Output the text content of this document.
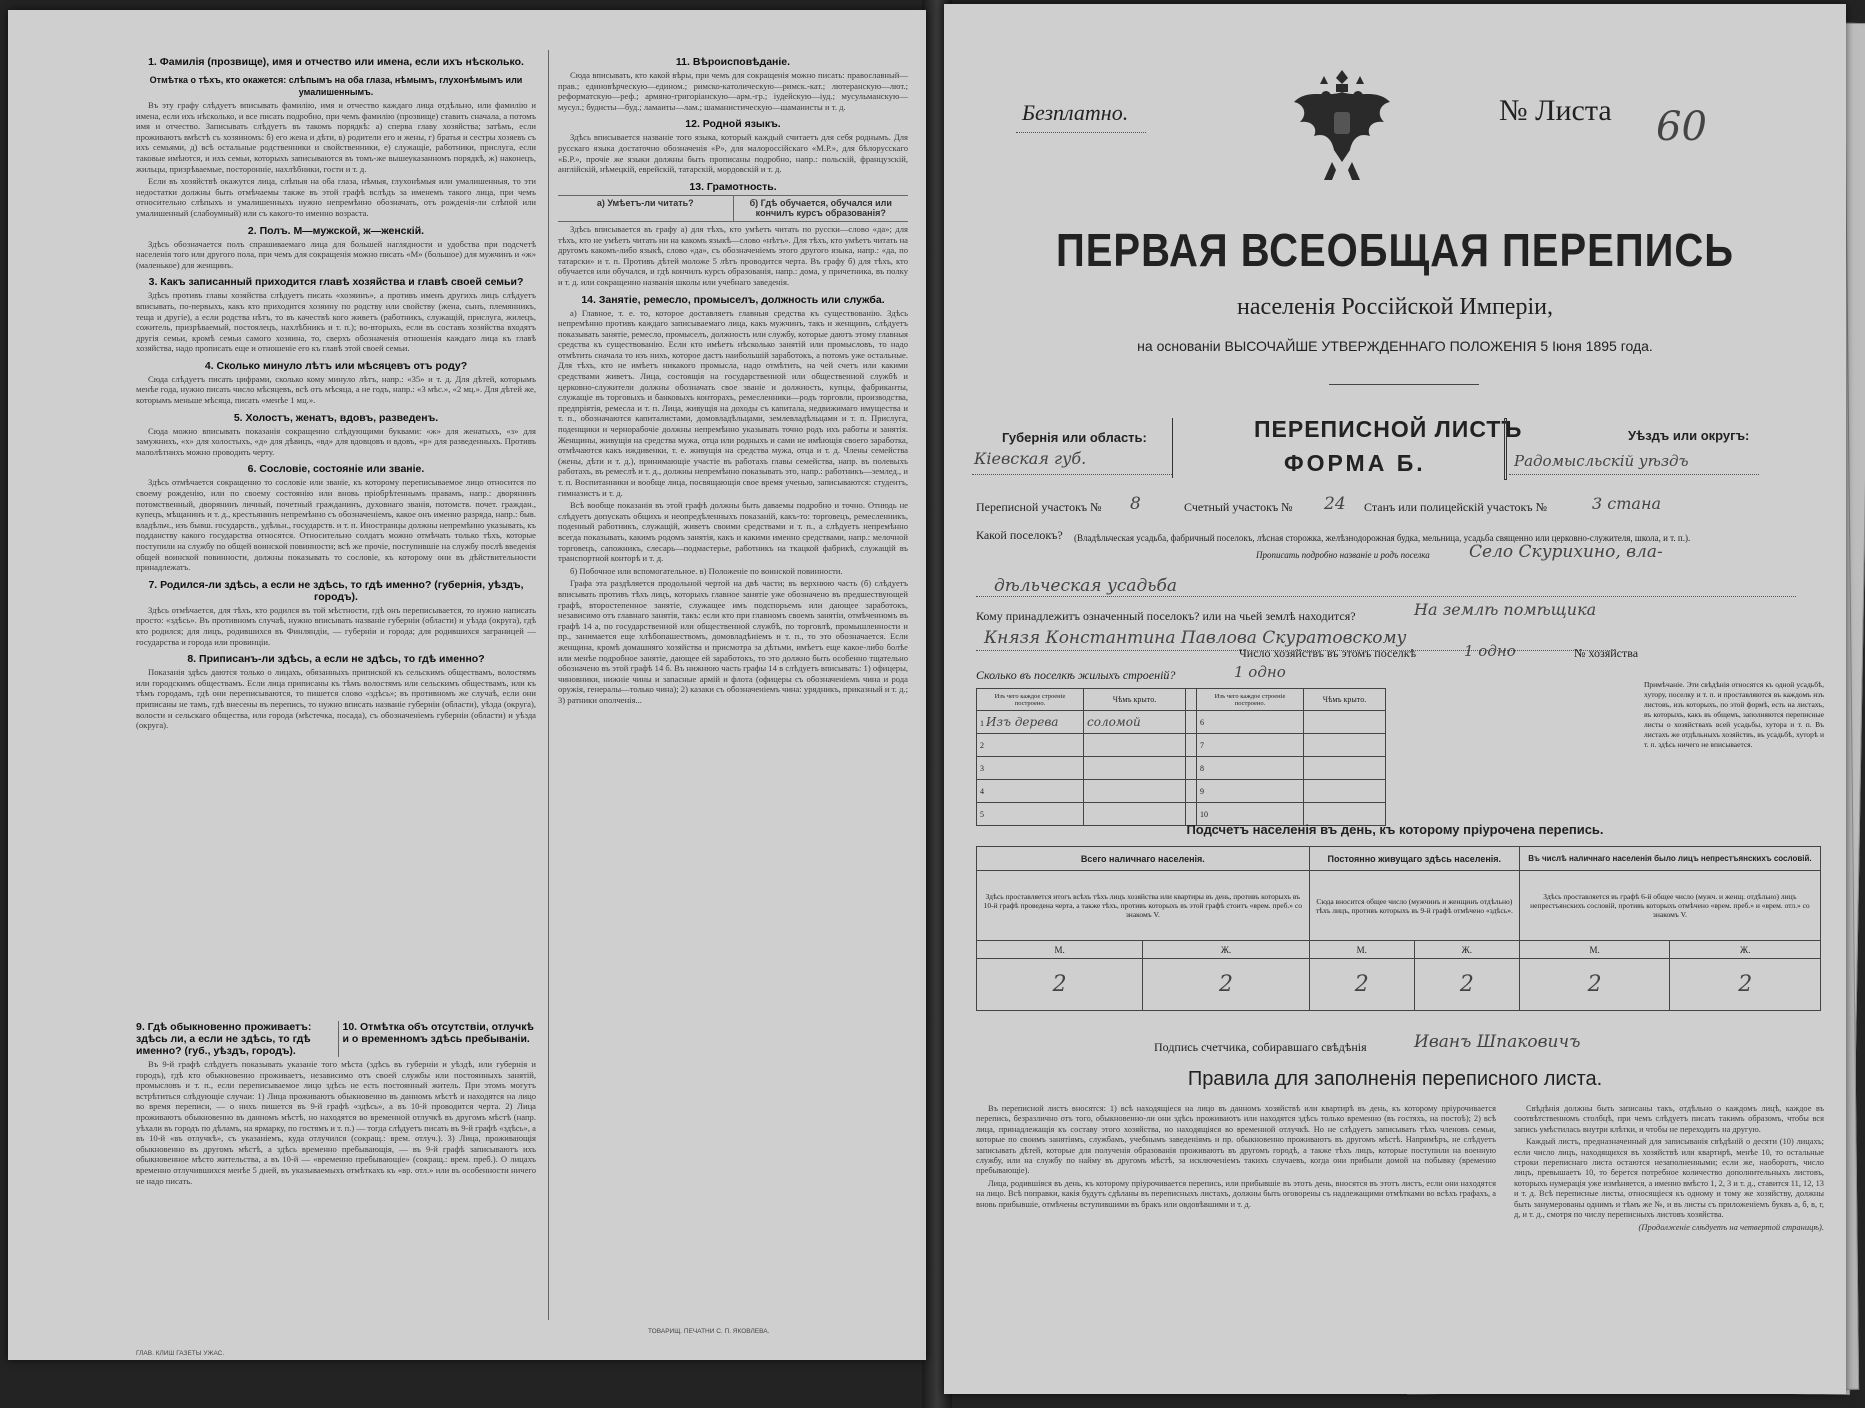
1. Фамилія (прозвище), имя и отчество или имена, если ихъ нѣсколько.
Отмѣтка о тѣхъ, кто окажется: слѣпымъ на оба глаза, нѣмымъ, глухонѣмымъ или умалишеннымъ.

Въ эту графу слѣдуетъ вписывать фамилію, имя и отчество каждаго лица отдѣльно, или фамилію и имена, если ихъ нѣсколько, и все писать подробно, при чемъ фамилію (прозвище) ставить сначала, а потомъ имя и отчество. Записывать слѣдуетъ въ такомъ порядкѣ: а) сперва главу хозяйства; затѣмъ, если проживаютъ вмѣстѣ съ хозяиномъ: б) его жена и дѣти, в) родители его и жены, г) братья и сестры хозяевъ съ ихъ семьями, д) всѣ остальные родственники и свойственники, е) служащіе, работники, прислуга, если таковые имѣются, и ихъ семьи, которыхъ записываются въ томъ-же вышеуказанномъ порядкѣ, ж) наконецъ, жильцы, призрѣваемые, посторонніе, нахлѣбники, гости и т. д.

Если въ хозяйствѣ окажутся лица, слѣпыя на оба глаза, нѣмыя, глухонѣмыя или умалишенныя, то эти недостатки должны быть отмѣчаемы также въ этой графѣ вслѣдъ за именемъ такого лица, при чемъ относительно слѣпыхъ и умалишенныхъ нужно непремѣнно обозначать, отъ рожденія-ли слѣпой или умалишенный (слабоумный) или съ какого-то именно возраста.

2. Полъ. М—мужской, ж—женскій.

Здѣсь обозначается полъ спрашиваемаго лица для большей наглядности и удобства при подсчетѣ населенія того или другого пола, при чемъ для сокращенія можно писать «М» (большое) для мужчинъ и «ж» (маленькое) для женщинъ.

3. Какъ записанный приходится главѣ хозяйства и главѣ своей семьи?

Здѣсь противъ главы хозяйства слѣдуетъ писать «хозяинъ», а противъ именъ другихъ лицъ слѣдуетъ вписывать, по-первыхъ, какъ кто приходится хозяину по родству или свойству (жена, сынъ, племянникъ, теща и другіе), а если родства нѣтъ, то въ качествѣ кого живетъ (работникъ, служащій, прислуга, жилецъ, сожитель, призрѣваемый, постоялецъ, нахлѣбникъ и т. п.); во-вторыхъ, если въ составъ хозяйства входятъ другія семьи, кромѣ семьи самого хозяина, то, сверхъ обозначенія отношенія каждаго лица къ главѣ хозяйства, надо прописать еще и отношеніе его къ главѣ этой своей семьи.

4. Сколько минуло лѣтъ или мѣсяцевъ отъ роду?

Сюда слѣдуетъ писать цифрами, сколько кому минуло лѣтъ, напр.: «35» и т. д. Для дѣтей, которымъ менѣе года, нужно писать число мѣсяцевъ, всѣ отъ мѣсяца, а не годъ, напр.: «3 мѣс.», «2 мц.». Для дѣтей же, которымъ меньше мѣсяца, писать «менѣе 1 мц.».

5. Холостъ, женатъ, вдовъ, разведенъ.

Сюда можно вписывать показанія сокращенно слѣдующими буквами: «ж» для женатыхъ, «з» для замужнихъ, «х» для холостыхъ, «д» для дѣвицъ, «вд» для вдовцовъ и вдовъ, «р» для разведенныхъ. Противъ малолѣтнихъ можно проводить черту.

6. Сословіе, состояніе или званіе.

Здѣсь отмѣчается сокращенно то сословіе или званіе, къ которому переписываемое лицо относится по своему рожденію, или по своему состоянію или вновь пріобрѣтеннымъ правамъ, напр.: дворянинъ потомственный, дворянинъ личный, почетный гражданинъ, духовнаго званія, потомств. почет. граждан., купецъ, мѣщанинъ и т. д., крестьянинъ непремѣнно съ обозначеніемъ, какое онъ именно разряда, напр.: быв. владѣльч., изъ бывш. государств., удѣльн., государств. и т. п. Иностранцы должны непремѣнно указывать, къ подданству какого государства относятся. Относительно солдатъ можно отмѣчать только тѣхъ, которые поступили на службу по общей воинской повинности; всѣ же прочіе, поступившіе на службу послѣ введенія общей воинской повинности, должны показывать то сословіе, къ которому они въ дѣйствительности принадлежатъ.

7. Родился-ли здѣсь, а если не здѣсь, то гдѣ именно? (губернія, уѣздъ, городъ).

Здѣсь отмѣчается, для тѣхъ, кто родился въ той мѣстности, гдѣ онъ переписывается, то нужно написать просто: «здѣсь». Въ противномъ случаѣ, нужно вписывать названіе губерніи (области) и уѣзда (округа), гдѣ кто родился; для лицъ, родившихся въ Финляндіи, — губерніи и города; для родившихся заграницей — государства и города или провинціи.

8. Приписанъ-ли здѣсь, а если не здѣсь, то гдѣ именно?

Показанія здѣсь даются только о лицахъ, обязанныхъ припиской къ сельскимъ обществамъ, волостямъ или городскимъ обществамъ. Если лица приписаны къ тѣмъ волостямъ или сельскимъ обществамъ, или къ тѣмъ городамъ, гдѣ они переписываются, то пишется слово «здѣсь»; въ противномъ же случаѣ, если они приписаны не тамъ, гдѣ внесены въ перепись, то нужно вписать названіе губерніи (области), уѣзда (округа), волости и сельскаго общества, или города (мѣстечка, посада), съ обозначеніемъ губерніи (области) и уѣзда (округа).

9. Гдѣ обыкновенно проживаетъ: здѣсь ли, а если не здѣсь, то гдѣ именно? (губ., уѣздъ, городъ).
10. Отмѣтка объ отсутствіи, отлучкѣ и о временномъ здѣсь пребываніи.

Въ 9-й графѣ слѣдуетъ показывать указаніе того мѣста (здѣсь въ губерніи и уѣздѣ, или губернія и городъ), гдѣ кто обыкновенно проживаетъ, независимо отъ своей службы или постоянныхъ занятій, промысловъ и т. п., если переписываемое лицо здѣсь не есть постоянный житель. При этомъ могутъ встрѣтиться слѣдующіе случаи: 1) Лица проживаютъ обыкновенно въ данномъ мѣстѣ и находятся на лицо во время переписи, — о нихъ пишется въ 9-й графѣ «здѣсь», а въ 10-й проводится черта. 2) Лица проживаютъ обыкновенно въ данномъ мѣстѣ, но находятся во временной отлучкѣ въ другомъ мѣстѣ (напр. уѣхали въ городъ по дѣламъ, на ярмарку, по гостямъ и т. п.) — тогда слѣдуетъ писать въ 9-й графѣ «здѣсь», а въ 10-й «въ отлучкѣ», съ указаніемъ, куда отлучился (сокращ.: врем. отлуч.). 3) Лица, проживающія обыкновенно въ другомъ мѣстѣ, а здѣсь временно пребывающія, — въ 9-й графѣ записываютъ ихъ обыкновенное мѣсто жительства, а въ 10-й — «временно пребывающіе» (сокращ.: врем. преб.). О лицахъ временно отлучившихся менѣе 5 дней, въ указываемыхъ отмѣткахъ къ «вр. отл.» или въ особенности ничего не надо писать.

11. Вѣроисповѣданіе.

Сюда вписывать, кто какой вѣры, при чемъ для сокращенія можно писать: православный—прав.; единовѣрческую—едином.; римско-католическую—римск.-кат.; лютеранскую—лют.; реформатскую—реф.; армяно-григоріанскую—арм.-гр.; іудейскую—іуд.; мусульманскую—мусул.; будисты—буд.; ламаиты—лам.; шаманистическую—шаманисты и т. д.

12. Родной языкъ.

Здѣсь вписывается названіе того языка, который каждый считаетъ для себя роднымъ. Для русскаго языка достаточно обозначенія «Р», для малороссійскаго «М.Р.», для бѣлорусскаго «Б.Р.», прочіе же языки должны быть прописаны подробно, напр.: польскій, французскій, англійскій, нѣмецкій, еврейскій, татарскій, мордовскій и т. д.

13. Грамотность.
а) Умѣетъ-ли читать?	б) Гдѣ обучается, обучался или кончилъ курсъ образованія?

Здѣсь вписывается въ графу а) для тѣхъ, кто умѣетъ читать по русски—слово «да»; для тѣхъ, кто не умѣетъ читать ни на какомъ языкѣ—слово «нѣтъ». Для тѣхъ, кто умѣетъ читать на другомъ какомъ-либо языкѣ, слово «да», съ обозначеніемъ этого другого языка, напр.: «да, по татарски» и т. п. Противъ дѣтей моложе 5 лѣтъ проводится черта. Въ графу б) для тѣхъ, кто обучается или обучался, и гдѣ кончилъ курсъ образованія, напр.: дома, у причетника, въ полку и т. д. или сокращенно названія школы или учебнаго заведенія.

14. Занятіе, ремесло, промыселъ, должность или служба.

а) Главное, т. е. то, которое доставляетъ главныя средства къ существованію. Здѣсь непремѣнно противъ каждаго записываемаго лица, какъ мужчинъ, такъ и женщинъ, слѣдуетъ показывать занятіе, ремесло, промыселъ, должность или службу, которые даютъ этому главныя средства къ существованію. Если кто имѣетъ нѣсколько занятій или промысловъ, то надо отмѣтить сначала то изъ нихъ, которое дастъ наибольшій заработокъ, а потомъ уже остальные. Для тѣхъ, кто не имѣетъ никакого промысла, надо отмѣтить, на чей счетъ или какими средствами живетъ. Лица, состоящія на государственной или общественной службѣ и церковно-служители должны обозначать свое званіе и должность, купцы, фабриканты, служащіе въ торговыхъ и банковыхъ конторахъ, ремесленники—родъ торговли, производства, предпріятія, ремесла и т. п. Лица, живущія на доходы съ капитала, недвижимаго имущества и т. п., обозначаются капиталистами, домовладѣльцами, землевладѣльцами и т. п. Прислуга, поденщики и чернорабочіе должны непремѣнно указывать точно родъ ихъ работы и занятія. Женщины, живущія на средства мужа, отца или родныхъ и сами не имѣющія своего заработка, отмѣчаются какъ иждивенки, т. е. живущія на средства мужа, отца и т. д. Члены семейства (жены, дѣти и т. д.), принимающіе участіе въ работахъ главы семейства, напр. въ полевыхъ работахъ, въ ремеслѣ и т. д., должны непремѣнно показывать это, напр.: работникъ—землед., и т. п. Воспитанники и вообще лица, посвящающія свое время ученью, записываются: студентъ, гимназистъ и т. д.

Всѣ вообще показанія въ этой графѣ должны быть даваемы подробно и точно. Отнюдь не слѣдуетъ допускать общихъ и неопредѣленныхъ показаній, какъ-то: торговецъ, ремесленникъ, поденный работникъ, служащій, живетъ своими средствами и т. п., а слѣдуетъ непремѣнно всегда показывать, какимъ родомъ занятія, какъ и какими именно средствами, напр.: мелочной торговецъ, сапожникъ, слесарь—подмастерье, работникъ на ткацкой фабрикѣ, служащій въ транспортной конторѣ и т. д.

б) Побочное или вспомогательное. в) Положеніе по воинской повинности.

Графа эта раздѣляется продольной чертой на двѣ части; въ верхнюю часть (б) слѣдуетъ вписывать противъ тѣхъ лицъ, которыхъ главное занятіе уже обозначено въ предшествующей графѣ, второстепенное занятіе, служащее имъ подспорьемъ или дающее заработокъ, независимо отъ главнаго занятія, такъ: если кто при главномъ своемъ занятіи, отмѣченномъ въ графѣ 14 а, по государственной или общественной службѣ, по торговлѣ, промышленности и пр., занимается еще хлѣбопашествомъ, домовладѣніемъ и т. п., то это обозначается. Если женщина, кромѣ домашняго хозяйства и присмотра за дѣтьми, имѣетъ еще какое-либо болѣе или менѣе подробное занятіе, дающее ей заработокъ, то это должно быть особенно тщательно обозначено въ этой графѣ 14 б. Въ нижнюю часть графы 14 в слѣдуетъ вписывать: 1) офицеры, чиновники, нижніе чины и запасные армій и флота (офицеры съ обозначеніемъ чина и рода оружія, генералы—только чина); 2) казаки съ обозначеніемъ чина: урядникъ, приказный и т. д.; 3) ратники ополченія...

ГЛАВ. КЛИШ ГАЗЕТЫ УЖАС.
ТОВАРИЩ. ПЕЧАТНИ С. П. ЯКОВЛЕВА.
Безплатно.	№ Листа 60
ПЕРВАЯ ВСЕОБЩАЯ ПЕРЕПИСЬ
населенія Россійской Имперіи,
на основаніи ВЫСОЧАЙШЕ УТВЕРЖДЕННАГО ПОЛОЖЕНІЯ 5 Іюня 1895 года.
Губернія или область:
Кіевская губ.
ПЕРЕПИСНОЙ ЛИСТЪ
ФОРМА Б.
Уѣздъ или округъ:
Радомысльскій уѣздъ
Переписной участокъ № 8	Счетный участокъ № 24 Станъ или полицейскій участокъ №	3 стана
Какой поселокъ? (Владѣльческая усадьба, фабричный поселокъ, лѣсная сторожка, желѣзнодорожная будка, мельница, усадьба священно или церковно-служителя, школа, и т. п.).
Прописать подробно названіе и родъ поселка Село Скурихино, вла-
дѣльческая усадьба
Кому принадлежитъ означенный поселокъ? или на чьей землѣ находится?	На землѣ помѣщика
Князя Константина Павлова Скуратовскому
Число хозяйствъ въ этомъ поселкѣ	1 одно	№ хозяйства
Сколько въ поселкѣ жилыхъ строеній?	1 одно
Изъ чего каждое строеніе построено.	Чѣмъ крыто.		Изъ чего каждое строеніе построено.	Чѣмъ крыто.
1 Изъ дерева	соломой		6	
2			7	
3			8	
4			9	
5			10	
Примѣчаніе. Эти свѣдѣнія относятся къ одной усадьбѣ, хутору, поселку и т. п. и проставляются въ каждомъ изъ листовъ, изъ которыхъ, по этой формѣ, есть на листахъ, въ которыхъ, какъ въ общемъ, заполняются переписные листы о хозяйствахъ всей усадьбы, хутора и т. п. Въ листахъ же отдѣльныхъ хозяйствъ, въ усадьбѣ, хуторѣ и т. п. здѣсь ничего не вписывается.
Подсчетъ населенія въ день, къ которому пріурочена перепись.
Всего наличнаго населенія.		Постоянно живущаго здѣсь населенія.		Въ числѣ наличнаго населенія было лицъ непрестъянскихъ сословій.	
Здѣсь проставляется итогъ всѣхъ тѣхъ лицъ хозяйства или квартиры въ день, противъ которыхъ въ 10-й графѣ проведена черта, а также тѣхъ, противъ которыхъ въ этой графѣ стоитъ «врем. преб.» со знакомъ V.		Сюда вносится общее число (мужчинъ и женщинъ отдѣльно) тѣхъ лицъ, противъ которыхъ въ 9-й графѣ отмѣчено «здѣсь».		Здѣсь проставляется въ графѣ 6-й общее число (мужч. и женщ. отдѣльно) лицъ непрестъянскихъ сословій, противъ которыхъ отмѣчено «врем. преб.» и «врем. отл.» со знакомъ V.	
М.	Ж.	М.	Ж.	М.	Ж.
2	2	2	2	2	2
Подпись счетчика, собиравшаго свѣдѣнія	Иванъ Шпаковичъ
Правила для заполненія переписного листа.

Въ переписной листъ вносятся: 1) всѣ находящіеся на лицо въ данномъ хозяйствѣ или квартирѣ въ день, къ которому пріурочивается перепись, безразлично отъ того, обыкновенно-ли они здѣсь проживаютъ или находятся здѣсь только временно (въ гостяхъ, на постоѣ); 2) всѣ лица, принадлежащія къ составу этого хозяйства, но находящіяся во временной отлучкѣ. Но не слѣдуетъ записывать тѣхъ членовъ семьи, которые по своимъ занятіямъ, службамъ, учебнымъ заведеніямъ и пр. обыкновенно проживаютъ въ другомъ мѣстѣ. Напримѣръ, не слѣдуетъ записывать дѣтей, которые для полученія образованія проживаютъ въ другомъ городѣ, а также тѣхъ лицъ, которые поступили на военную службу, или на службу по найму въ другомъ мѣстѣ, за исключеніемъ такихъ случаевъ, когда они прибыли домой на побывку (временно пребывающіе).

Лица, родившіяся въ день, къ которому пріурочивается перепись, или прибывшіе въ этотъ день, вносятся въ этотъ листъ, если они находятся на лицо. Всѣ поправки, какія будутъ сдѣланы въ переписныхъ листахъ, должны быть оговорены съ надлежащими отмѣтками во всѣхъ графахъ, а вновь прибывшіе, отмѣчены вступившими въ бракъ или овдовѣвшими и т. д.

Свѣдѣнія должны быть записаны такъ, отдѣльно о каждомъ лицѣ, каждое въ соотвѣтственномъ столбцѣ, при чемъ слѣдуетъ писать такимъ образомъ, чтобы вся запись умѣстилась внутри клѣтки, и чтобы не переходить на другую.

Каждый листъ, предназначенный для записыванія свѣдѣній о десяти (10) лицахъ; если число лицъ, находящихся въ хозяйствѣ или квартирѣ, менѣе 10, то остальные строки переписнаго листа остаются незаполненными; если же, наоборотъ, число лицъ, превышаетъ 10, то берется потребное количество дополнительныхъ листовъ, которыхъ нумерація уже измѣняется, а именно вмѣсто 1, 2, 3 и т. д., ставится 11, 12, 13 и т. д. Всѣ переписные листы, относящіеся къ одному и тому же хозяйству, должны быть занумерованы однимъ и тѣмъ же №, и въ листы съ приложеніемъ буквъ а, б, в, г, д, и т. д., смотря по числу переписныхъ листовъ хозяйства.

(Продолженіе слѣдуетъ на четвертой страницѣ).
